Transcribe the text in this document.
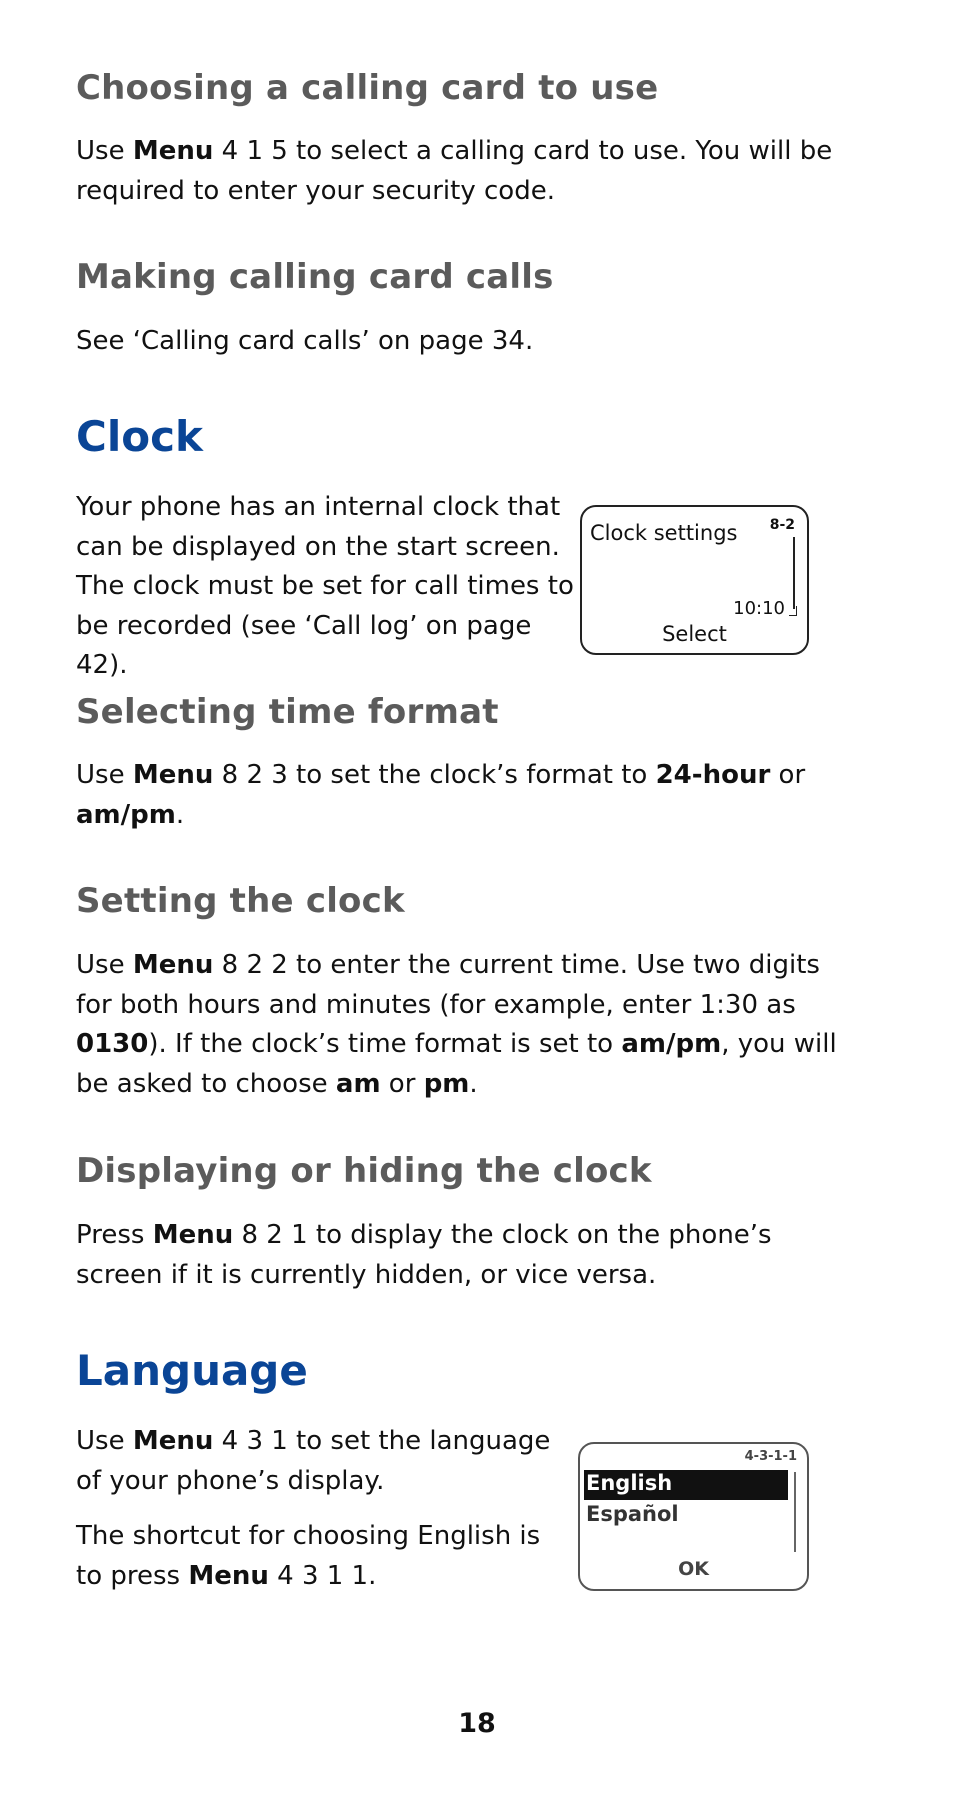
Choosing a calling card to use

Use Menu 4 1 5 to select a calling card to use. You will be required to enter your security code.

Making calling card calls

See ‘Calling card calls’ on page 34.

Clock

Your phone has an internal clock that can be displayed on the start screen. The clock must be set for call times to be recorded (see ‘Call log’ on page 42).

Clock settings 8-2
10:10
Select
Selecting time format

Use Menu 8 2 3 to set the clock’s format to 24-hour or am/pm.

Setting the clock

Use Menu 8 2 2 to enter the current time. Use two digits for both hours and minutes (for example, enter 1:30 as 0130). If the clock’s time format is set to am/pm, you will be asked to choose am or pm.

Displaying or hiding the clock

Press Menu 8 2 1 to display the clock on the phone’s screen if it is currently hidden, or vice versa.

Language

Use Menu 4 3 1 to set the language of your phone’s display.

The shortcut for choosing English is to press Menu 4 3 1 1.

4-3-1-1
English
Español
OK
18
